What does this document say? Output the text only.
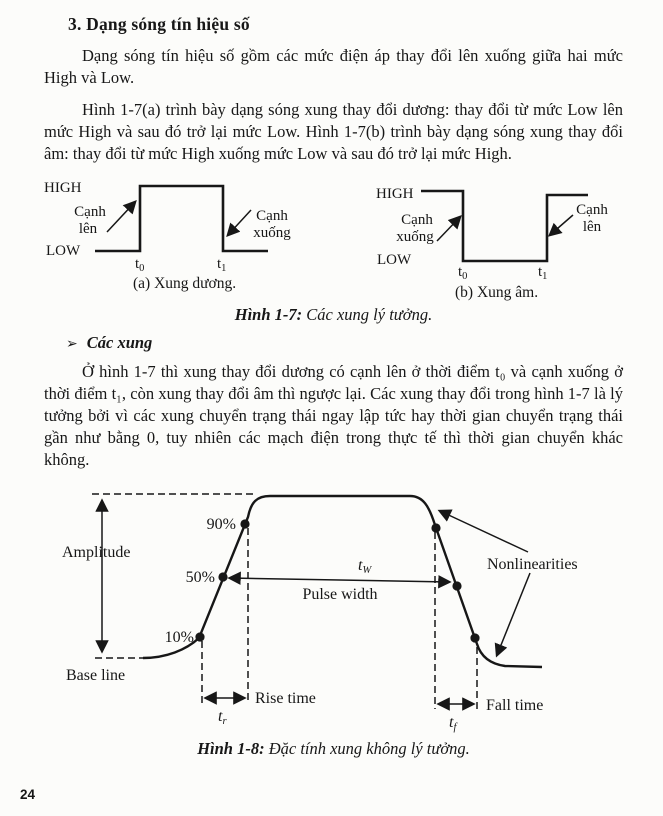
3. Dạng sóng tín hiệu số

Dạng sóng tín hiệu số gồm các mức điện áp thay đổi lên xuống giữa hai mức High và Low.

Hình 1-7(a) trình bày dạng sóng xung thay đổi dương: thay đổi từ mức Low lên mức High và sau đó trở lại mức Low. Hình 1-7(b) trình bày dạng sóng xung thay đổi âm: thay đổi từ mức High xuống mức Low và sau đó trở lại mức High.

HIGH
LOW
Cạnh
lên
Cạnh
xuống
$t_0$	$t_1$
(a) Xung dương.
HIGH
LOW
Cạnh
xuống
Cạnh
lên
$t_0$	$t_1$
(b) Xung âm.

Hình 1-7: Các xung lý tưởng.

➢ Các xung

Ở hình 1-7 thì xung thay đổi dương có cạnh lên ở thời điểm t₀ và cạnh xuống ở thời điểm t₁, còn xung thay đổi âm thì ngược lại. Các xung thay đổi trong hình 1-7 là lý tưởng bởi vì các xung chuyển trạng thái ngay lập tức hay thời gian chuyển trạng thái gần như bằng 0, tuy nhiên các mạch điện trong thực tế thì thời gian chuyển khác không.

Amplitude
Base line
90%
50%
10%
tW
Pulse width
Nonlinearities
Rise time
tr
Fall time
tf

Hình 1-8: Đặc tính xung không lý tưởng.

24
